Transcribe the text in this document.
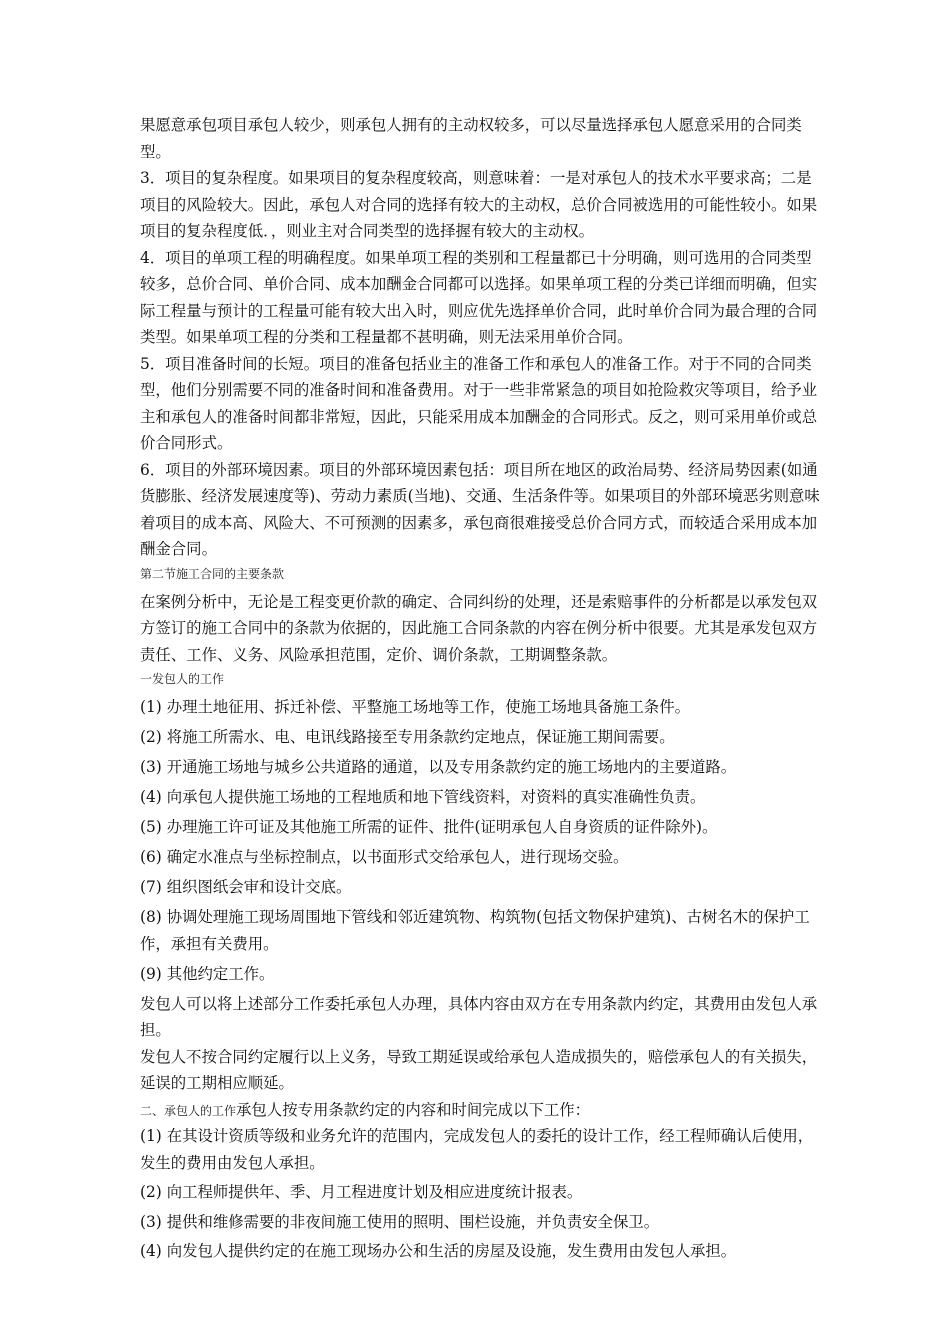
果愿意承包项目承包人较少，则承包人拥有的主动权较多，可以尽量选择承包人愿意采用的合同类型。

3．项目的复杂程度。如果项目的复杂程度较高，则意味着：一是对承包人的技术水平要求高；二是项目的风险较大。因此，承包人对合同的选择有较大的主动权，总价合同被选用的可能性较小。如果项目的复杂程度低．，则业主对合同类型的选择握有较大的主动权。

4．项目的单项工程的明确程度。如果单项工程的类别和工程量都已十分明确，则可选用的合同类型较多，总价合同、单价合同、成本加酬金合同都可以选择。如果单项工程的分类已详细而明确，但实际工程量与预计的工程量可能有较大出入时，则应优先选择单价合同，此时单价合同为最合理的合同类型。如果单项工程的分类和工程量都不甚明确，则无法采用单价合同。

5．项目准备时间的长短。项目的准备包括业主的准备工作和承包人的准备工作。对于不同的合同类型，他们分别需要不同的准备时间和准备费用。对于一些非常紧急的项目如抢险救灾等项目，给予业主和承包人的准备时间都非常短，因此，只能采用成本加酬金的合同形式。反之，则可采用单价或总价合同形式。

6．项目的外部环境因素。项目的外部环境因素包括：项目所在地区的政治局势、经济局势因素(如通货膨胀、经济发展速度等)、劳动力素质(当地)、交通、生活条件等。如果项目的外部环境恶劣则意味着项目的成本高、风险大、不可预测的因素多，承包商很难接受总价合同方式，而较适合采用成本加酬金合同。

第二节施工合同的主要条款

在案例分析中，无论是工程变更价款的确定、合同纠纷的处理，还是索赔事件的分析都是以承发包双方签订的施工合同中的条款为依据的，因此施工合同条款的内容在例分析中很要。尤其是承发包双方责任、工作、义务、风险承担范围，定价、调价条款，工期调整条款。

一发包人的工作

(1) 办理土地征用、拆迁补偿、平整施工场地等工作，使施工场地具备施工条件。

(2) 将施工所需水、电、电讯线路接至专用条款约定地点，保证施工期间需要。

(3) 开通施工场地与城乡公共道路的通道，以及专用条款约定的施工场地内的主要道路。

(4) 向承包人提供施工场地的工程地质和地下管线资料，对资料的真实准确性负责。

(5) 办理施工许可证及其他施工所需的证件、批件(证明承包人自身资质的证件除外)。

(6) 确定水准点与坐标控制点，以书面形式交给承包人，进行现场交验。

(7) 组织图纸会审和设计交底。

(8) 协调处理施工现场周围地下管线和邻近建筑物、构筑物(包括文物保护建筑)、古树名木的保护工作，承担有关费用。

(9) 其他约定工作。

发包人可以将上述部分工作委托承包人办理，具体内容由双方在专用条款内约定，其费用由发包人承担。

发包人不按合同约定履行以上义务，导致工期延误或给承包人造成损失的，赔偿承包人的有关损失，延误的工期相应顺延。

二、承包人的工作承包人按专用条款约定的内容和时间完成以下工作：

(1) 在其设计资质等级和业务允许的范围内，完成发包人的委托的设计工作，经工程师确认后使用，发生的费用由发包人承担。

(2) 向工程师提供年、季、月工程进度计划及相应进度统计报表。

(3) 提供和维修需要的非夜间施工使用的照明、围栏设施，并负责安全保卫。

(4) 向发包人提供约定的在施工现场办公和生活的房屋及设施，发生费用由发包人承担。
